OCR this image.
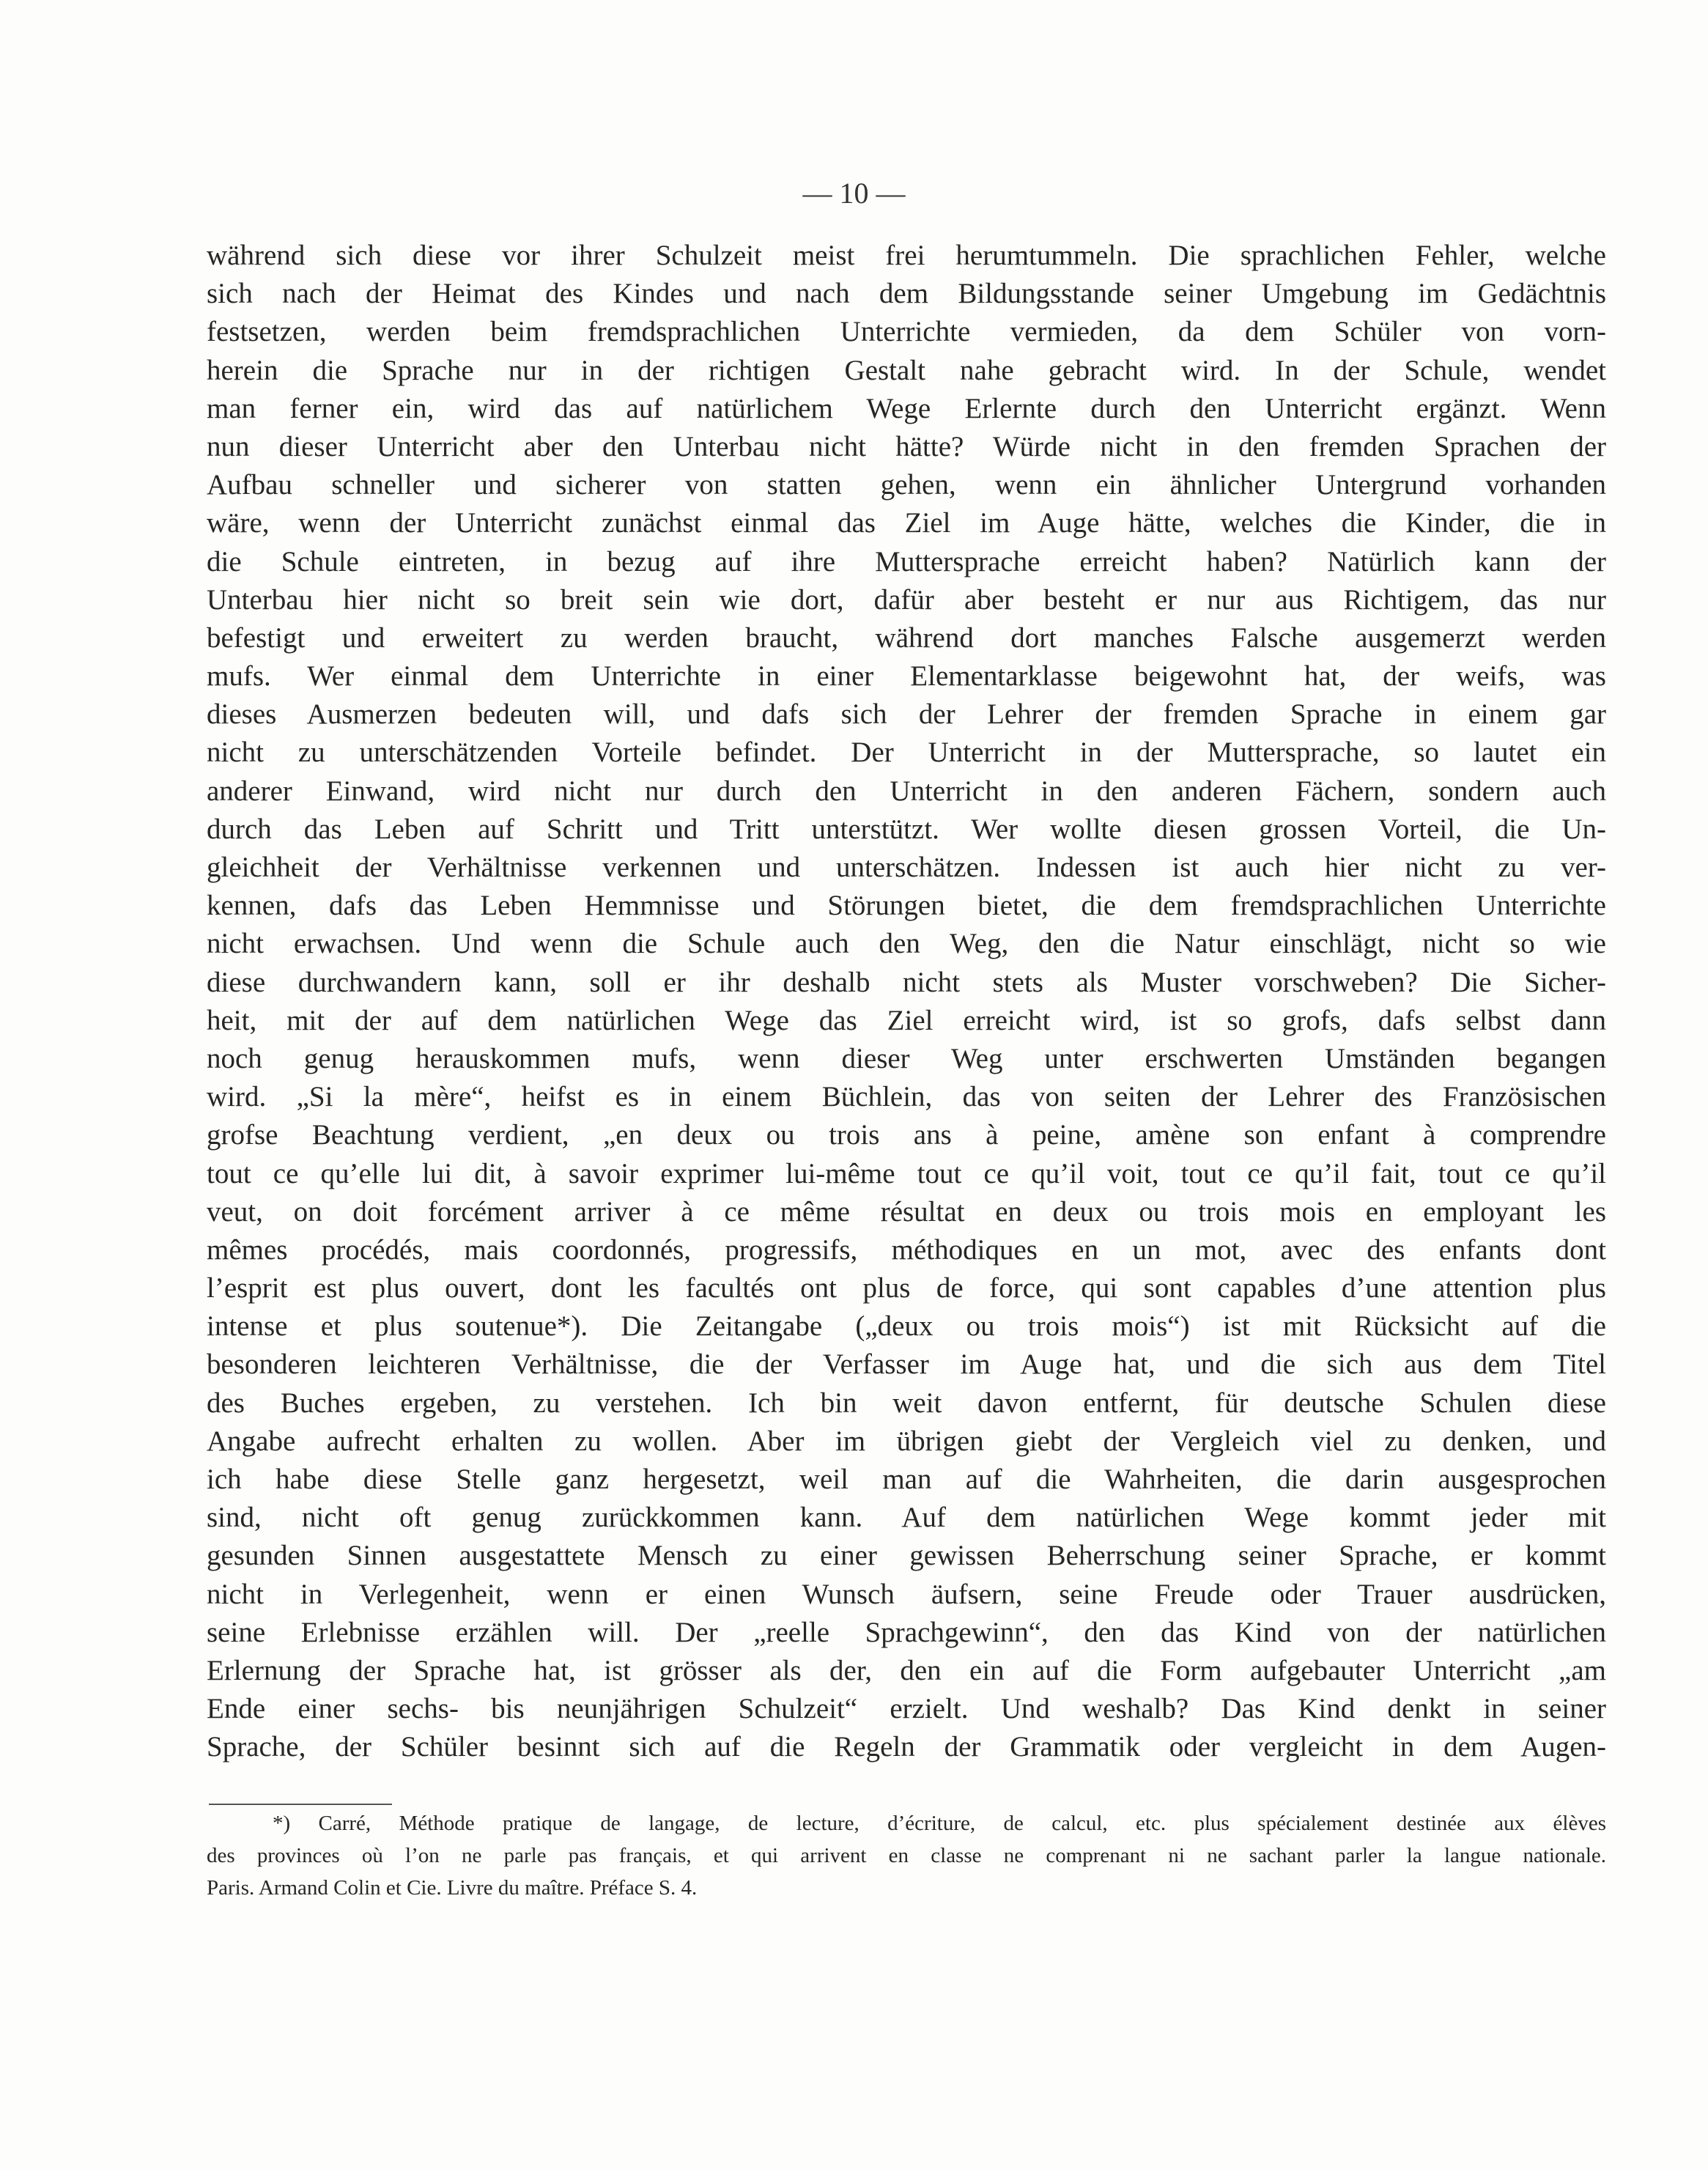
— 10 —
während sich diese vor ihrer Schulzeit meist frei herumtummeln. Die sprachlichen Fehler, welche
sich nach der Heimat des Kindes und nach dem Bildungsstande seiner Umgebung im Gedächtnis
festsetzen, werden beim fremdsprachlichen Unterrichte vermieden, da dem Schüler von vorn-
herein die Sprache nur in der richtigen Gestalt nahe gebracht wird. In der Schule, wendet
man ferner ein, wird das auf natürlichem Wege Erlernte durch den Unterricht ergänzt. Wenn
nun dieser Unterricht aber den Unterbau nicht hätte? Würde nicht in den fremden Sprachen der
Aufbau schneller und sicherer von statten gehen, wenn ein ähnlicher Untergrund vorhanden
wäre, wenn der Unterricht zunächst einmal das Ziel im Auge hätte, welches die Kinder, die in
die Schule eintreten, in bezug auf ihre Muttersprache erreicht haben? Natürlich kann der
Unterbau hier nicht so breit sein wie dort, dafür aber besteht er nur aus Richtigem, das nur
befestigt und erweitert zu werden braucht, während dort manches Falsche ausgemerzt werden
mufs. Wer einmal dem Unterrichte in einer Elementarklasse beigewohnt hat, der weifs, was
dieses Ausmerzen bedeuten will, und dafs sich der Lehrer der fremden Sprache in einem gar
nicht zu unterschätzenden Vorteile befindet. Der Unterricht in der Muttersprache, so lautet ein
anderer Einwand, wird nicht nur durch den Unterricht in den anderen Fächern, sondern auch
durch das Leben auf Schritt und Tritt unterstützt. Wer wollte diesen grossen Vorteil, die Un-
gleichheit der Verhältnisse verkennen und unterschätzen. Indessen ist auch hier nicht zu ver-
kennen, dafs das Leben Hemmnisse und Störungen bietet, die dem fremdsprachlichen Unterrichte
nicht erwachsen. Und wenn die Schule auch den Weg, den die Natur einschlägt, nicht so wie
diese durchwandern kann, soll er ihr deshalb nicht stets als Muster vorschweben? Die Sicher-
heit, mit der auf dem natürlichen Wege das Ziel erreicht wird, ist so grofs, dafs selbst dann
noch genug herauskommen mufs, wenn dieser Weg unter erschwerten Umständen begangen
wird. „Si la mère“, heifst es in einem Büchlein, das von seiten der Lehrer des Französischen
grofse Beachtung verdient, „en deux ou trois ans à peine, amène son enfant à comprendre
tout ce qu’elle lui dit, à savoir exprimer lui-même tout ce qu’il voit, tout ce qu’il fait, tout ce qu’il
veut, on doit forcément arriver à ce même résultat en deux ou trois mois en employant les
mêmes procédés, mais coordonnés, progressifs, méthodiques en un mot, avec des enfants dont
l’esprit est plus ouvert, dont les facultés ont plus de force, qui sont capables d’une attention plus
intense et plus soutenue*). Die Zeitangabe („deux ou trois mois“) ist mit Rücksicht auf die
besonderen leichteren Verhältnisse, die der Verfasser im Auge hat, und die sich aus dem Titel
des Buches ergeben, zu verstehen. Ich bin weit davon entfernt, für deutsche Schulen diese
Angabe aufrecht erhalten zu wollen. Aber im übrigen giebt der Vergleich viel zu denken, und
ich habe diese Stelle ganz hergesetzt, weil man auf die Wahrheiten, die darin ausgesprochen
sind, nicht oft genug zurückkommen kann. Auf dem natürlichen Wege kommt jeder mit
gesunden Sinnen ausgestattete Mensch zu einer gewissen Beherrschung seiner Sprache, er kommt
nicht in Verlegenheit, wenn er einen Wunsch äufsern, seine Freude oder Trauer ausdrücken,
seine Erlebnisse erzählen will. Der „reelle Sprachgewinn“, den das Kind von der natürlichen
Erlernung der Sprache hat, ist grösser als der, den ein auf die Form aufgebauter Unterricht „am
Ende einer sechs- bis neunjährigen Schulzeit“ erzielt. Und weshalb? Das Kind denkt in seiner
Sprache, der Schüler besinnt sich auf die Regeln der Grammatik oder vergleicht in dem Augen-
*) Carré, Méthode pratique de langage, de lecture, d’écriture, de calcul, etc. plus spécialement destinée aux élèves
des provinces où l’on ne parle pas français, et qui arrivent en classe ne comprenant ni ne sachant parler la langue nationale.
Paris. Armand Colin et Cie. Livre du maître. Préface S. 4.
